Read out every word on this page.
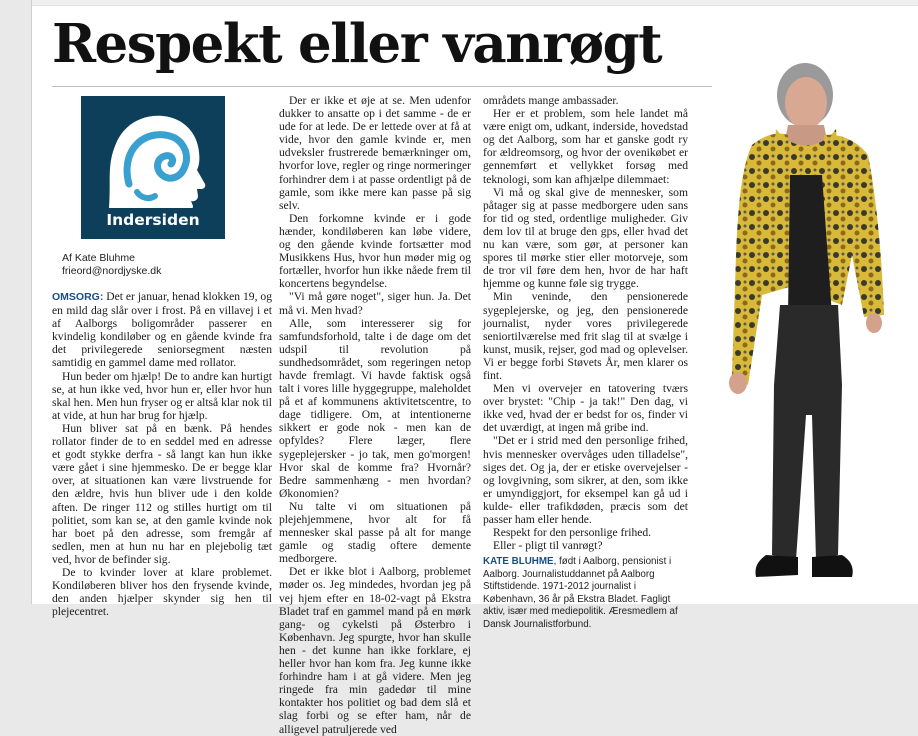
Respekt eller vanrøgt
Indersiden
Af Kate Bluhme
frieord@nordjyske.dk

OMSORG: Det er januar, henad klokken 19, og en mild dag slår over i frost. På en villavej i et af Aalborgs boligområder passerer en kvindelig kondiløber og en gående kvinde fra det privilegerede seniorsegment næsten samtidig en gammel dame med rollator.

Hun beder om hjælp! De to andre kan hurtigt se, at hun ikke ved, hvor hun er, eller hvor hun skal hen. Men hun fryser og er altså klar nok til at vide, at hun har brug for hjælp.

Hun bliver sat på en bænk. På hendes rollator finder de to en seddel med en adresse et godt stykke derfra - så langt kan hun ikke være gået i sine hjemmesko. De er begge klar over, at situationen kan være livstruende for den ældre, hvis hun bliver ude i den kolde aften. De ringer 112 og stilles hurtigt om til politiet, som kan se, at den gamle kvinde nok har boet på den adresse, som fremgår af sedlen, men at hun nu har en plejebolig tæt ved, hvor de befinder sig.

De to kvinder lover at klare problemet. Kondiløberen bliver hos den frysende kvinde, den anden hjælper skynder sig hen til plejecentret.

Der er ikke et øje at se. Men udenfor dukker to ansatte op i det samme - de er ude for at lede. De er lettede over at få at vide, hvor den gamle kvinde er, men udveksler frustrerede bemærkninger om, hvorfor love, regler og ringe normeringer forhindrer dem i at passe ordentligt på de gamle, som ikke mere kan passe på sig selv.

Den forkomne kvinde er i gode hænder, kondiløberen kan løbe videre, og den gående kvinde fortsætter mod Musikkens Hus, hvor hun møder mig og fortæller, hvorfor hun ikke nåede frem til koncertens begyndelse.

"Vi må gøre noget", siger hun. Ja. Det må vi. Men hvad?

Alle, som interesserer sig for samfundsforhold, talte i de dage om det udspil til revolution på sundhedsområdet, som regeringen netop havde fremlagt. Vi havde faktisk også talt i vores lille hyggegruppe, maleholdet på et af kommunens aktivitetscentre, to dage tidligere. Om, at intentionerne sikkert er gode nok - men kan de opfyldes? Flere læger, flere sygeplejersker - jo tak, men go'morgen! Hvor skal de komme fra? Hvornår? Bedre sammenhæng - men hvordan? Økonomien?

Nu talte vi om situationen på plejehjemmene, hvor alt for få mennesker skal passe på alt for mange gamle og stadig oftere demente medborgere.

Det er ikke blot i Aalborg, problemet møder os. Jeg mindedes, hvordan jeg på vej hjem efter en 18-02-vagt på Ekstra Bladet traf en gammel mand på en mørk gang- og cykelsti på Østerbro i København. Jeg spurgte, hvor han skulle hen - det kunne han ikke forklare, ej heller hvor han kom fra. Jeg kunne ikke forhindre ham i at gå videre. Men jeg ringede fra min gadedør til mine kontakter hos politiet og bad dem slå et slag forbi og se efter ham, når de alligevel patruljerede ved

områdets mange ambassader.

Her er et problem, som hele landet må være enigt om, udkant, inderside, hovedstad og det Aalborg, som har et ganske godt ry for ældreomsorg, og hvor der ovenikøbet er gennemført et vellykket forsøg med teknologi, som kan afhjælpe dilemmaet:

Vi må og skal give de mennesker, som påtager sig at passe medborgere uden sans for tid og sted, ordentlige muligheder. Giv dem lov til at bruge den gps, eller hvad det nu kan være, som gør, at personer kan spores til mørke stier eller motorveje, som de tror vil føre dem hen, hvor de har haft hjemme og kunne føle sig trygge.

Min veninde, den pensionerede sygeplejerske, og jeg, den pensionerede journalist, nyder vores privilegerede seniortilværelse med frit slag til at svælge i kunst, musik, rejser, god mad og oplevelser. Vi er begge forbi Støvets År, men klarer os fint.

Men vi overvejer en tatovering tværs over brystet: "Chip - ja tak!" Den dag, vi ikke ved, hvad der er bedst for os, finder vi det uværdigt, at ingen må gribe ind.

"Det er i strid med den personlige frihed, hvis mennesker overvåges uden tilladelse", siges det. Og ja, der er etiske overvejelser - og lovgivning, som sikrer, at den, som ikke er umyndiggjort, for eksempel kan gå ud i kulde- eller trafikdøden, præcis som det passer ham eller hende.

Respekt for den personlige frihed.

Eller - pligt til vanrøgt?

KATE BLUHME, født i Aalborg, pensionist i Aalborg. Journalistuddannet på Aalborg Stiftstidende. 1971-2012 journalist i København, 36 år på Ekstra Bladet. Fagligt aktiv, især med mediepolitik. Æresmedlem af Dansk Journalistforbund.
